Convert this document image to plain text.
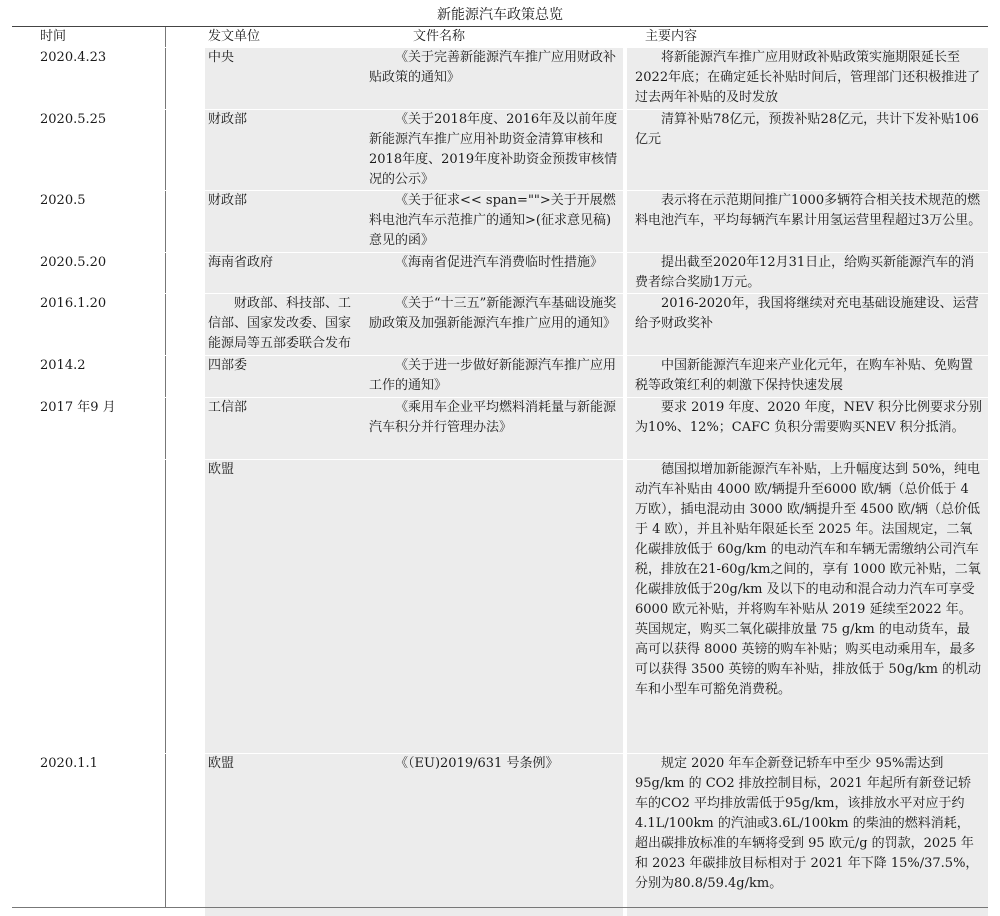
新能源汽车政策总览
时间	发文单位		文件名称		主要内容
2020.4.23		中央	《关于完善新能源汽车推广应用财政补贴政策的通知》		将新能源汽车推广应用财政补贴政策实施期限延长至2022年底；在确定延长补贴时间后，管理部门还积极推进了过去两年补贴的及时发放
2020.5.25		财政部	《关于2018年度、2016年及以前年度新能源汽车推广应用补助资金清算审核和2018年度、2019年度补助资金预拨审核情况的公示》		清算补贴78亿元，预拨补贴28亿元，共计下发补贴106亿元
2020.5		财政部	《关于征求<< span="">关于开展燃料电池汽车示范推广的通知>(征求意见稿)意见的函》		表示将在示范期间推广1000多辆符合相关技术规范的燃料电池汽车，平均每辆汽车累计用氢运营里程超过3万公里。
2020.5.20		海南省政府	《海南省促进汽车消费临时性措施》		提出截至2020年12月31日止，给购买新能源汽车的消费者综合奖励1万元。
2016.1.20		财政部、科技部、工信部、国家发改委、国家能源局等五部委联合发布	《关于“十三五”新能源汽车基础设施奖励政策及加强新能源汽车推广应用的通知》		2016-2020年，我国将继续对充电基础设施建设、运营给予财政奖补
2014.2		四部委	《关于进一步做好新能源汽车推广应用工作的通知》		中国新能源汽车迎来产业化元年，在购车补贴、免购置税等政策红利的刺激下保持快速发展
2017 年9 月		工信部	《乘用车企业平均燃料消耗量与新能源汽车积分并行管理办法》		要求 2019 年度、2020 年度，NEV 积分比例要求分别为10%、12%；CAFC 负积分需要购买NEV 积分抵消。
		欧盟			德国拟增加新能源汽车补贴，上升幅度达到 50%，纯电动汽车补贴由 4000 欧/辆提升至6000 欧/辆（总价低于 4 万欧），插电混动由 3000 欧/辆提升至 4500 欧/辆（总价低于 4 欧），并且补贴年限延长至 2025 年。法国规定，二氧化碳排放低于 60g/km 的电动汽车和车辆无需缴纳公司汽车税，排放在21-60g/km之间的，享有 1000 欧元补贴，二氧化碳排放低于20g/km 及以下的电动和混合动力汽车可享受 6000 欧元补贴，并将购车补贴从 2019 延续至2022 年。英国规定，购买二氧化碳排放量 75 g/km 的电动货车，最高可以获得 8000 英镑的购车补贴；购买电动乘用车，最多可以获得 3500 英镑的购车补贴，排放低于 50g/km 的机动车和小型车可豁免消费税。
2020.1.1		欧盟	《（EU)2019/631 号条例》		规定 2020 年车企新登记轿车中至少 95%需达到 95g/km 的 CO2 排放控制目标，2021 年起所有新登记轿车的CO2 平均排放需低于95g/km，该排放水平对应于约4.1L/100km 的汽油或3.6L/100km 的柴油的燃料消耗，超出碳排放标准的车辆将受到 95 欧元/g 的罚款，2025 年和 2023 年碳排放目标相对于 2021 年下降 15%/37.5%，分别为80.8/59.4g/km。
